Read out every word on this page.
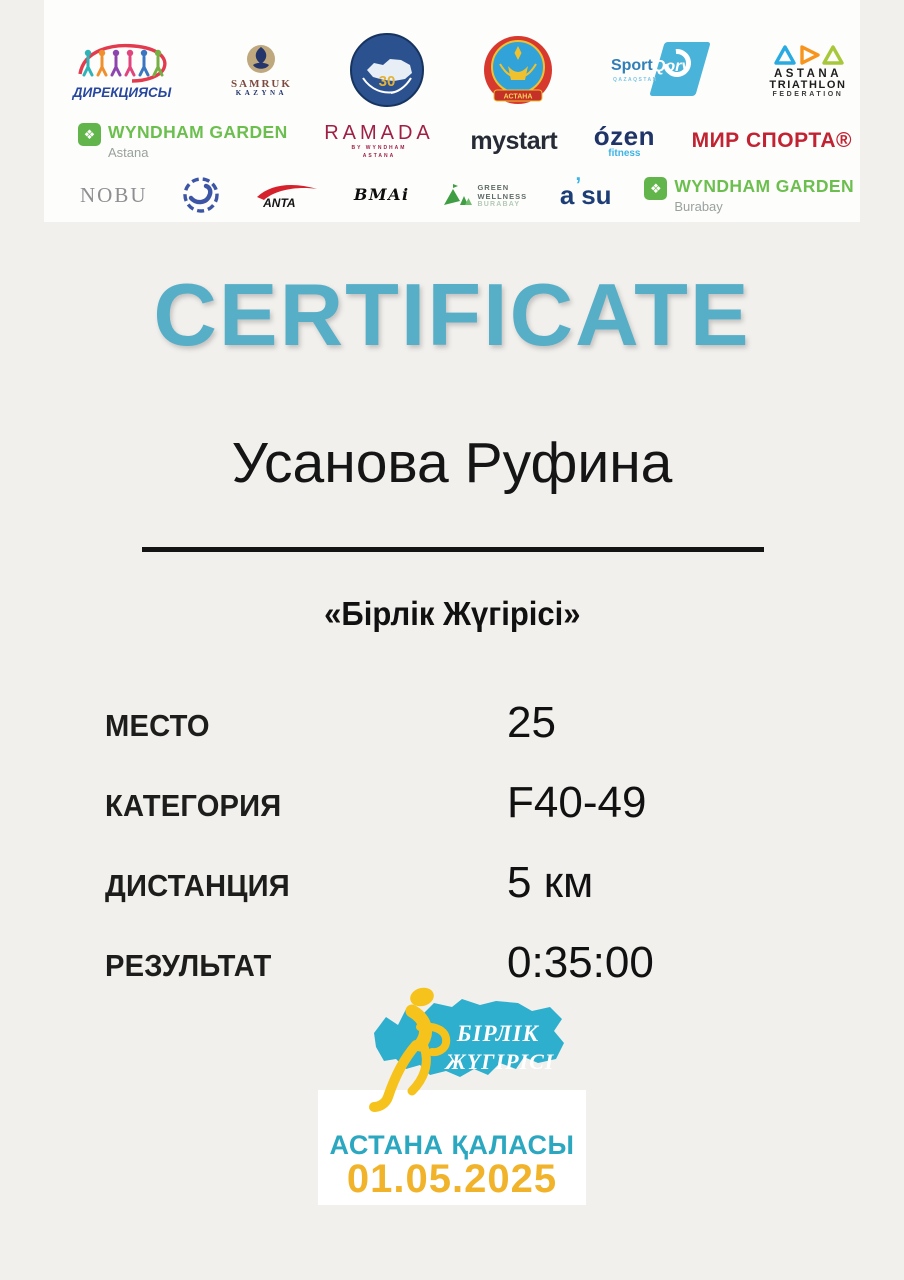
ДИРЕКЦИЯСЫ
SAMRUK
KAZYNA
30
АСТАНА
Sport Qory
QAZAQSTAN
ASTANA
TRIATHLON
FEDERATION
❖ WYNDHAM GARDEN
Astana
RAMADA
BY WYNDHAM
ASTANA
mystart ózen
fitness
МИР СПОРТА®
NOBU	ANTA	BMAi	GREEN
WELLNESS
BURABAY a ʼ su	❖ WYNDHAM GARDEN
Burabay
CERTIFICATE
Усанова Руфина
«Бірлік Жүгірісі»
МЕСТО	25
КАТЕГОРИЯ	F40-49
ДИСТАНЦИЯ	5 км
РЕЗУЛЬТАТ	0:35:00
БІРЛІК
ЖҮГІРІСІ
АСТАНА ҚАЛАСЫ
01.05.2025
